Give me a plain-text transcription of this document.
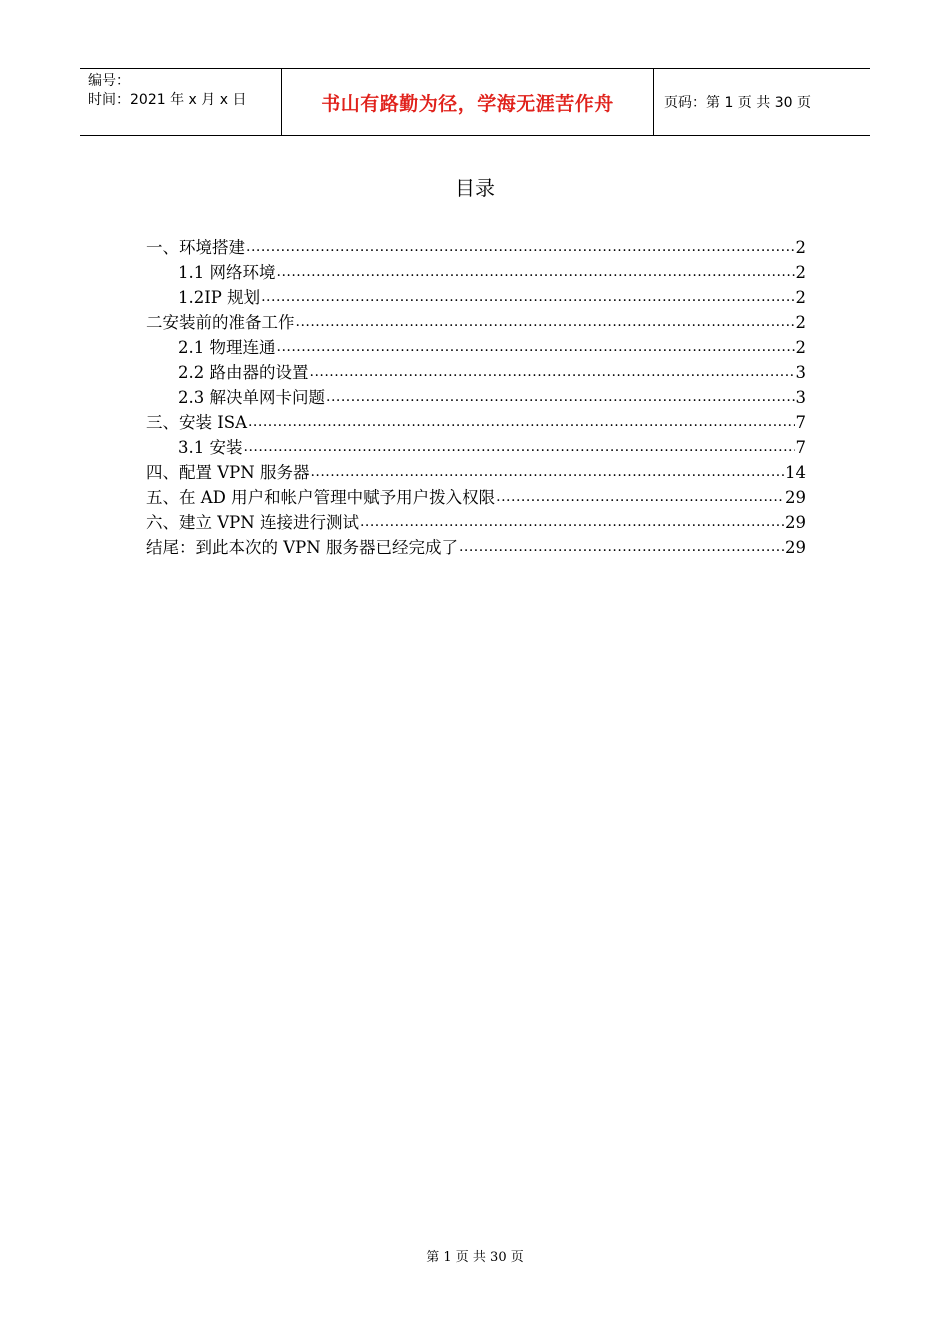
编号：
时间：2021 年 x 月 x 日	书山有路勤为径，学海无涯苦作舟	页码：第 1 页 共 30 页
目录
一、环境搭建 .....	2
1.1 网络环境 .....	2
1.2IP 规划 .....	2
二安装前的准备工作 .....	2
2.1 物理连通 .....	2
2.2 路由器的设置 .....	3
2.3 解决单网卡问题 .....	3
三、安装 ISA .....	7
3.1 安装 .....	7
四、配置 VPN 服务器 .....	14
五、在 AD 用户和帐户管理中赋予用户拨入权限 .....	29
六、建立 VPN 连接进行测试 .....	29
结尾：到此本次的 VPN 服务器已经完成了 .....	29
第 1 页 共 30 页
